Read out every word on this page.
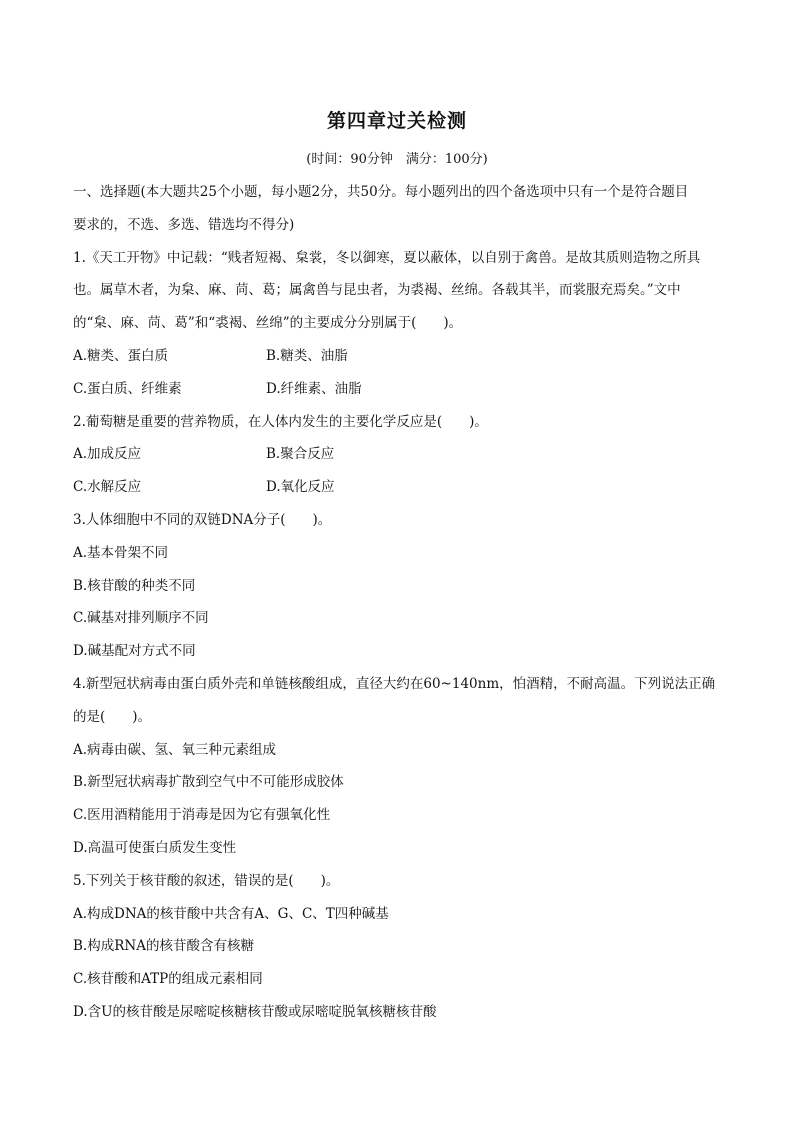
第四章过关检测
(时间：90分钟　满分：100分)
一、选择题(本大题共25个小题，每小题2分，共50分。每小题列出的四个备选项中只有一个是符合题目
要求的，不选、多选、错选均不得分)
1.《天工开物》中记载：“贱者短褐、枲裳，冬以御寒，夏以蔽体，以自别于禽兽。是故其质则造物之所具
也。属草木者，为枲、麻、苘、葛；属禽兽与昆虫者，为裘褐、丝绵。各载其半，而裳服充焉矣。”文中
的“枲、麻、苘、葛”和“裘褐、丝绵”的主要成分分别属于(　　)。
A.糖类、蛋白质	B.糖类、油脂
C.蛋白质、纤维素	D.纤维素、油脂
2.葡萄糖是重要的营养物质，在人体内发生的主要化学反应是(　　)。
A.加成反应	B.聚合反应
C.水解反应	D.氧化反应
3.人体细胞中不同的双链DNA分子(　　)。
A.基本骨架不同
B.核苷酸的种类不同
C.碱基对排列顺序不同
D.碱基配对方式不同
4.新型冠状病毒由蛋白质外壳和单链核酸组成，直径大约在60~140nm，怕酒精，不耐高温。下列说法正确
的是(　　)。
A.病毒由碳、氢、氧三种元素组成
B.新型冠状病毒扩散到空气中不可能形成胶体
C.医用酒精能用于消毒是因为它有强氧化性
D.高温可使蛋白质发生变性
5.下列关于核苷酸的叙述，错误的是(　　)。
A.构成DNA的核苷酸中共含有A、G、C、T四种碱基
B.构成RNA的核苷酸含有核糖
C.核苷酸和ATP的组成元素相同
D.含U的核苷酸是尿嘧啶核糖核苷酸或尿嘧啶脱氧核糖核苷酸
